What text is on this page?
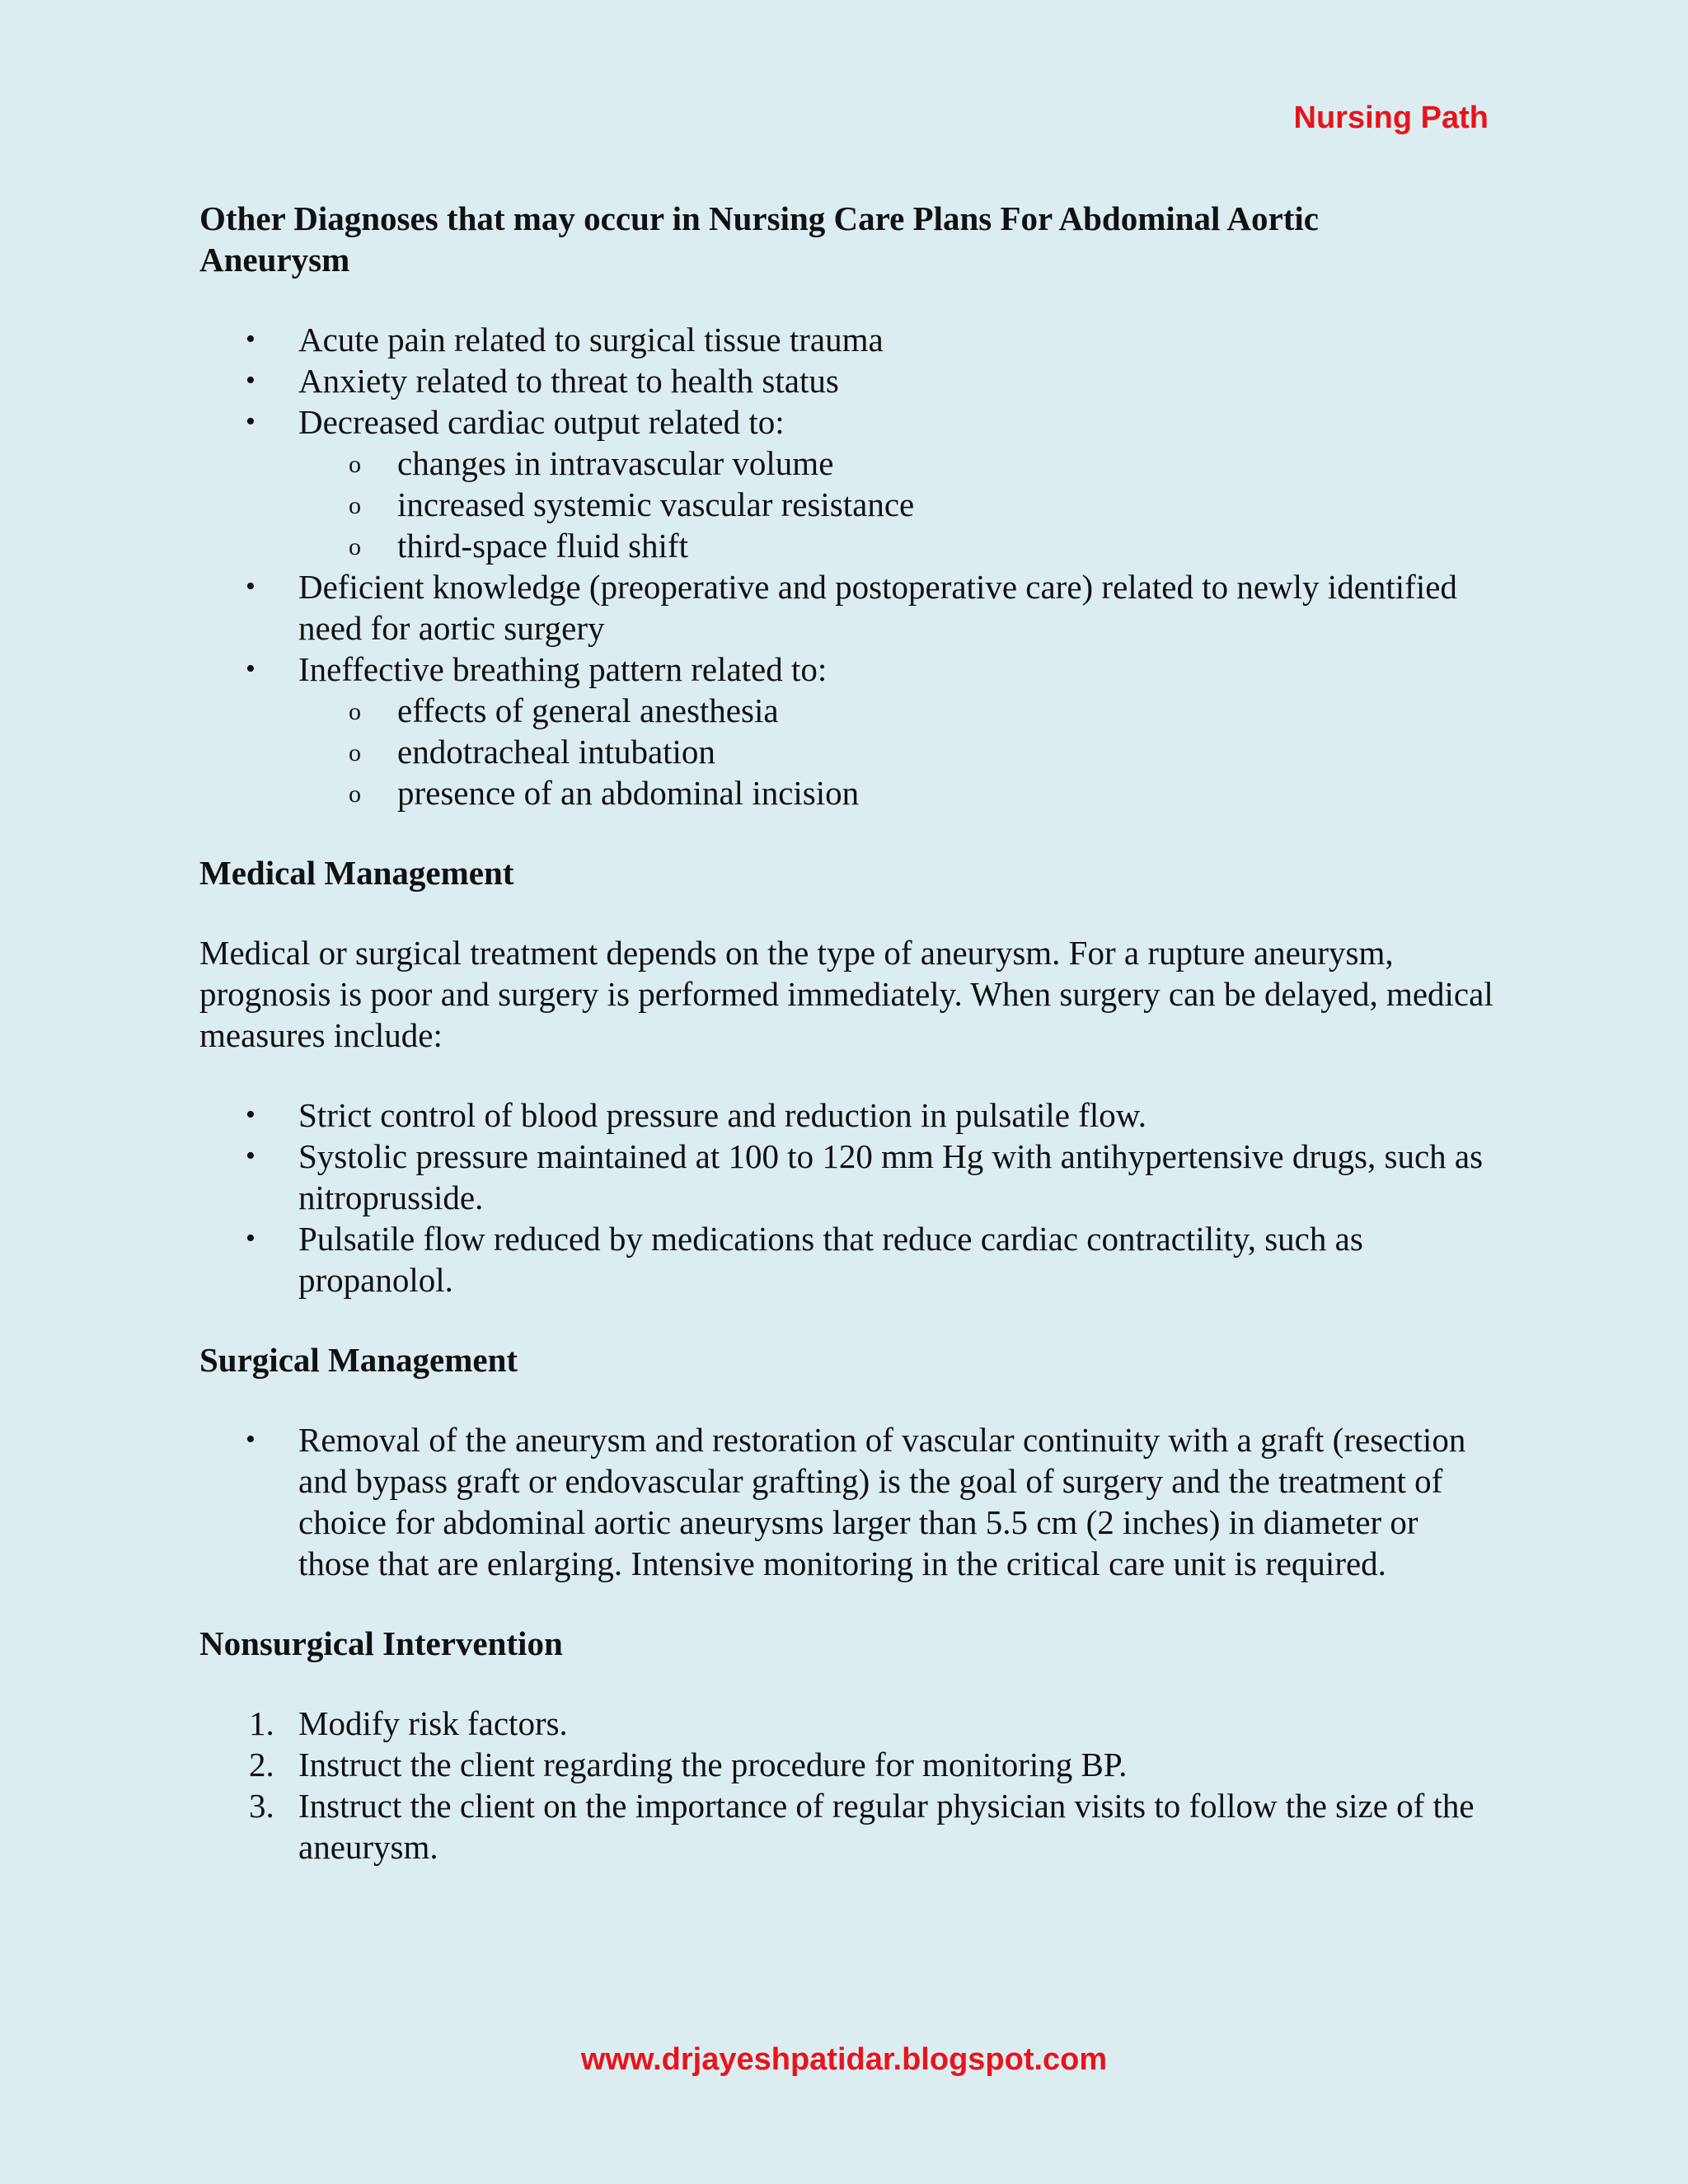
Nursing Path
Other Diagnoses that may occur in Nursing Care Plans For Abdominal Aortic Aneurysm
• Acute pain related to surgical tissue trauma
• Anxiety related to threat to health status
• Decreased cardiac output related to:
o changes in intravascular volume
o increased systemic vascular resistance
o third-space fluid shift
• Deficient knowledge (preoperative and postoperative care) related to newly identified need for aortic surgery
• Ineffective breathing pattern related to:
o effects of general anesthesia
o endotracheal intubation
o presence of an abdominal incision
Medical Management

Medical or surgical treatment depends on the type of aneurysm. For a rupture aneurysm, prognosis is poor and surgery is performed immediately. When surgery can be delayed, medical measures include:

• Strict control of blood pressure and reduction in pulsatile flow.
• Systolic pressure maintained at 100 to 120 mm Hg with antihypertensive drugs, such as nitroprusside.
• Pulsatile flow reduced by medications that reduce cardiac contractility, such as propanolol.
Surgical Management
• Removal of the aneurysm and restoration of vascular continuity with a graft (resection and bypass graft or endovascular grafting) is the goal of surgery and the treatment of choice for abdominal aortic aneurysms larger than 5.5 cm (2 inches) in diameter or those that are enlarging. Intensive monitoring in the critical care unit is required.
Nonsurgical Intervention
1. Modify risk factors.
2. Instruct the client regarding the procedure for monitoring BP.
3. Instruct the client on the importance of regular physician visits to follow the size of the aneurysm.
www.drjayeshpatidar.blogspot.com
